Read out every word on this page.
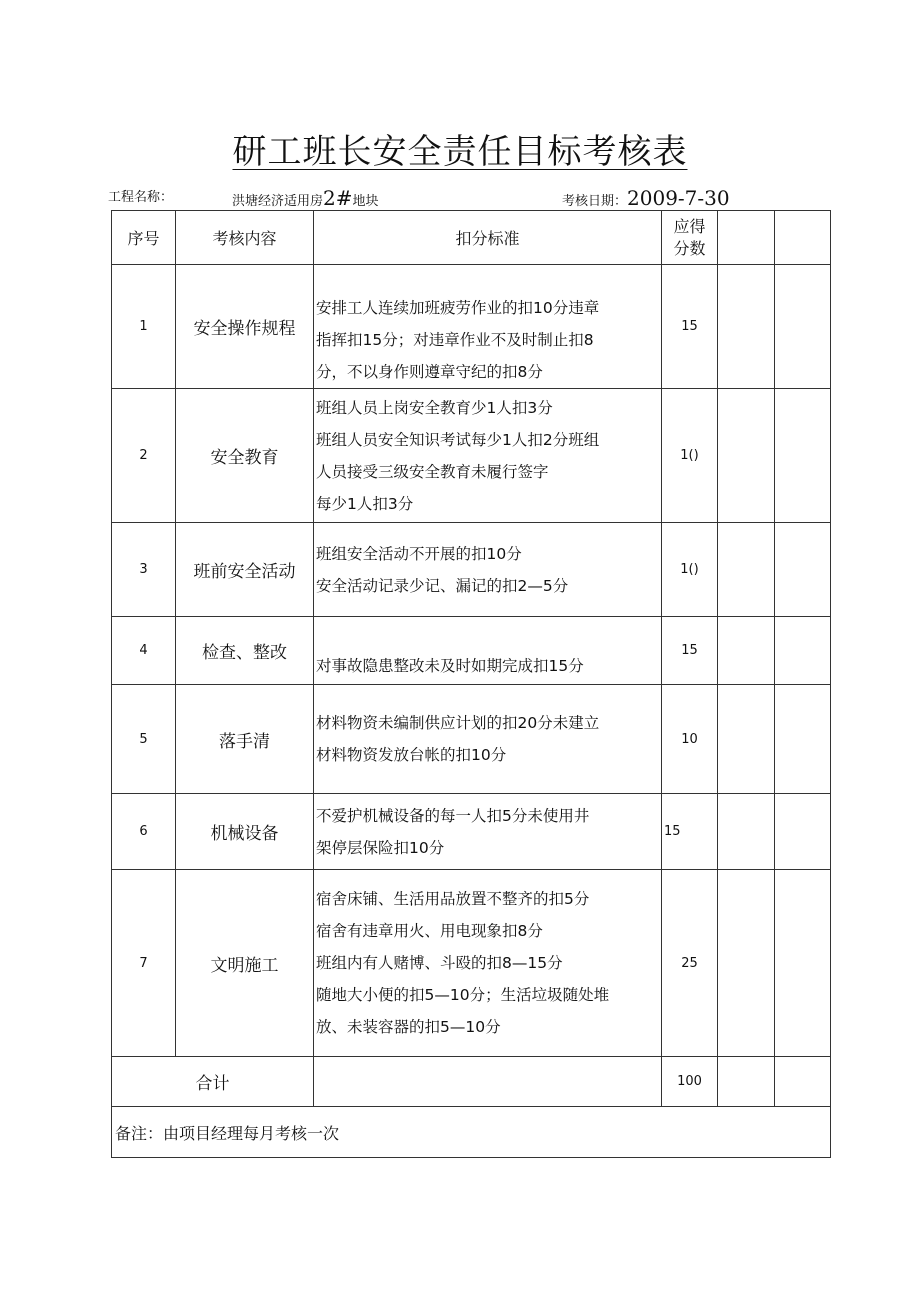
研工班长安全责任目标考核表
工程名称：	洪塘经济适用房2#地块	考核日期：2009-7-30
序号	考核内容	扣分标准	应得
分数		

1	安全操作规程	安排工人连续加班疲劳作业的扣10分违章
指挥扣15分；对违章作业不及时制止扣8
分，不以身作则遵章守纪的扣8分	15		
2	安全教育	班组人员上岗安全教育少1人扣3分
班组人员安全知识考试每少1人扣2分班组
人员接受三级安全教育未履行签字
每少1人扣3分	1()		
3	班前安全活动	班组安全活动不开展的扣10分
安全活动记录少记、漏记的扣2—5分	1()		
4	检查、整改	对事故隐患整改未及时如期完成扣15分	15		
5	落手清	材料物资未编制供应计划的扣20分未建立
材料物资发放台帐的扣10分	10		
6	机械设备	不爱护机械设备的每一人扣5分未使用井
架停层保险扣10分	15		
7	文明施工	宿舍床铺、生活用品放置不整齐的扣5分
宿舍有违章用火、用电现象扣8分
班组内有人赌博、斗殴的扣8—15分
随地大小便的扣5—10分；生活垃圾随处堆
放、未装容器的扣5—10分	25		
合计			100		
备注：由项目经理每月考核一次					
